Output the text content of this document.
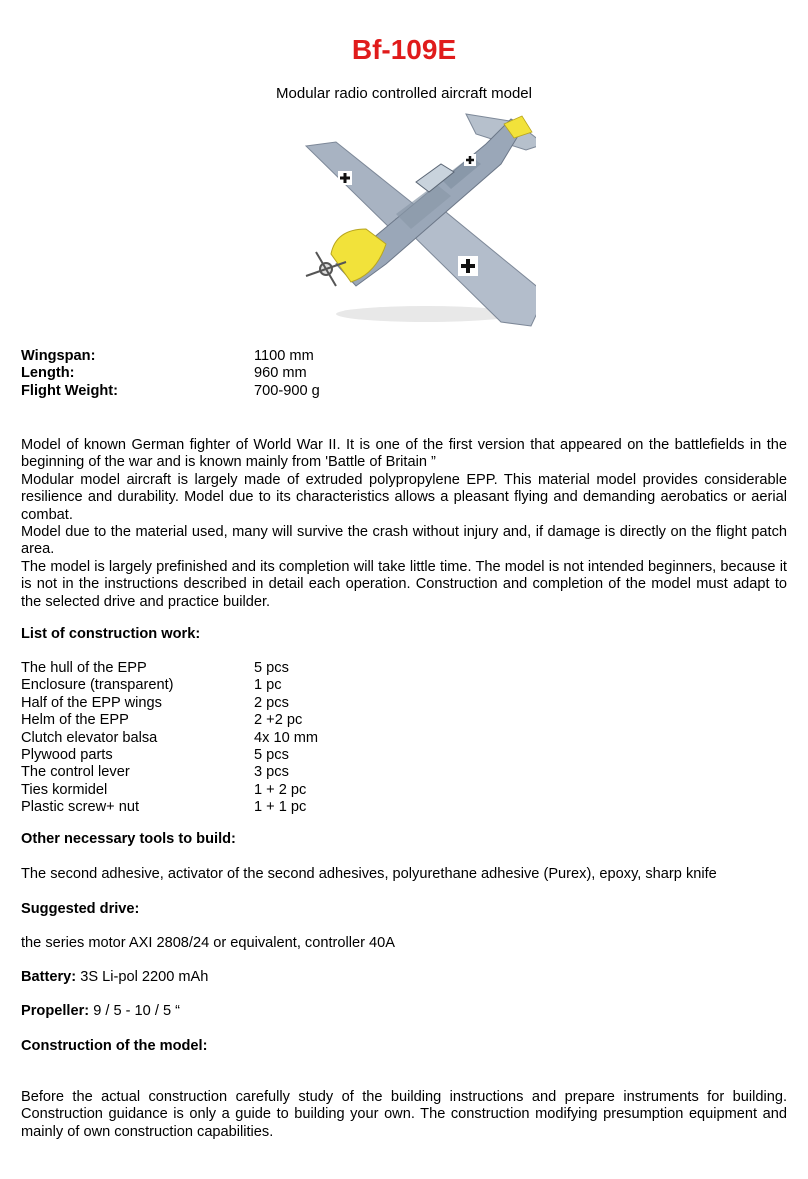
Bf-109E
Modular radio controlled aircraft model
Wingspan:	1100 mm
Length:	960 mm
Flight Weight:	700-900 g

Model of known German fighter of World War II. It is one of the first version that appeared on the battlefields in the beginning of the war and is known mainly from 'Battle of Britain ”

Modular model aircraft is largely made of extruded polypropylene EPP. This material model provides considerable resilience and durability. Model due to its characteristics allows a pleasant flying and demanding aerobatics or aerial combat.

Model due to the material used, many will survive the crash without injury and, if damage is directly on the flight patch area.

The model is largely prefinished and its completion will take little time. The model is not intended beginners, because it is not in the instructions described in detail each operation. Construction and completion of the model must adapt to the selected drive and practice builder.

List of construction work:
The hull of the EPP	5 pcs
Enclosure (transparent)	1 pc
Half of the EPP wings	2 pcs
Helm of the EPP	2 +2 pc
Clutch elevator balsa	4x 10 mm
Plywood parts	5 pcs
The control lever	3 pcs
Ties kormidel	1 + 2 pc
Plastic screw+ nut	1 + 1 pc
Other necessary tools to build:
The second adhesive, activator of the second adhesives, polyurethane adhesive (Purex), epoxy, sharp knife
Suggested drive:
the series motor AXI 2808/24 or equivalent, controller 40A
Battery: 3S Li-pol 2200 mAh
Propeller: 9 / 5 - 10 / 5 “
Construction of the model:

Before the actual construction carefully study of the building instructions and prepare instruments for building. Construction guidance is only a guide to building your own. The construction modifying presumption equipment and mainly of own construction capabilities.
